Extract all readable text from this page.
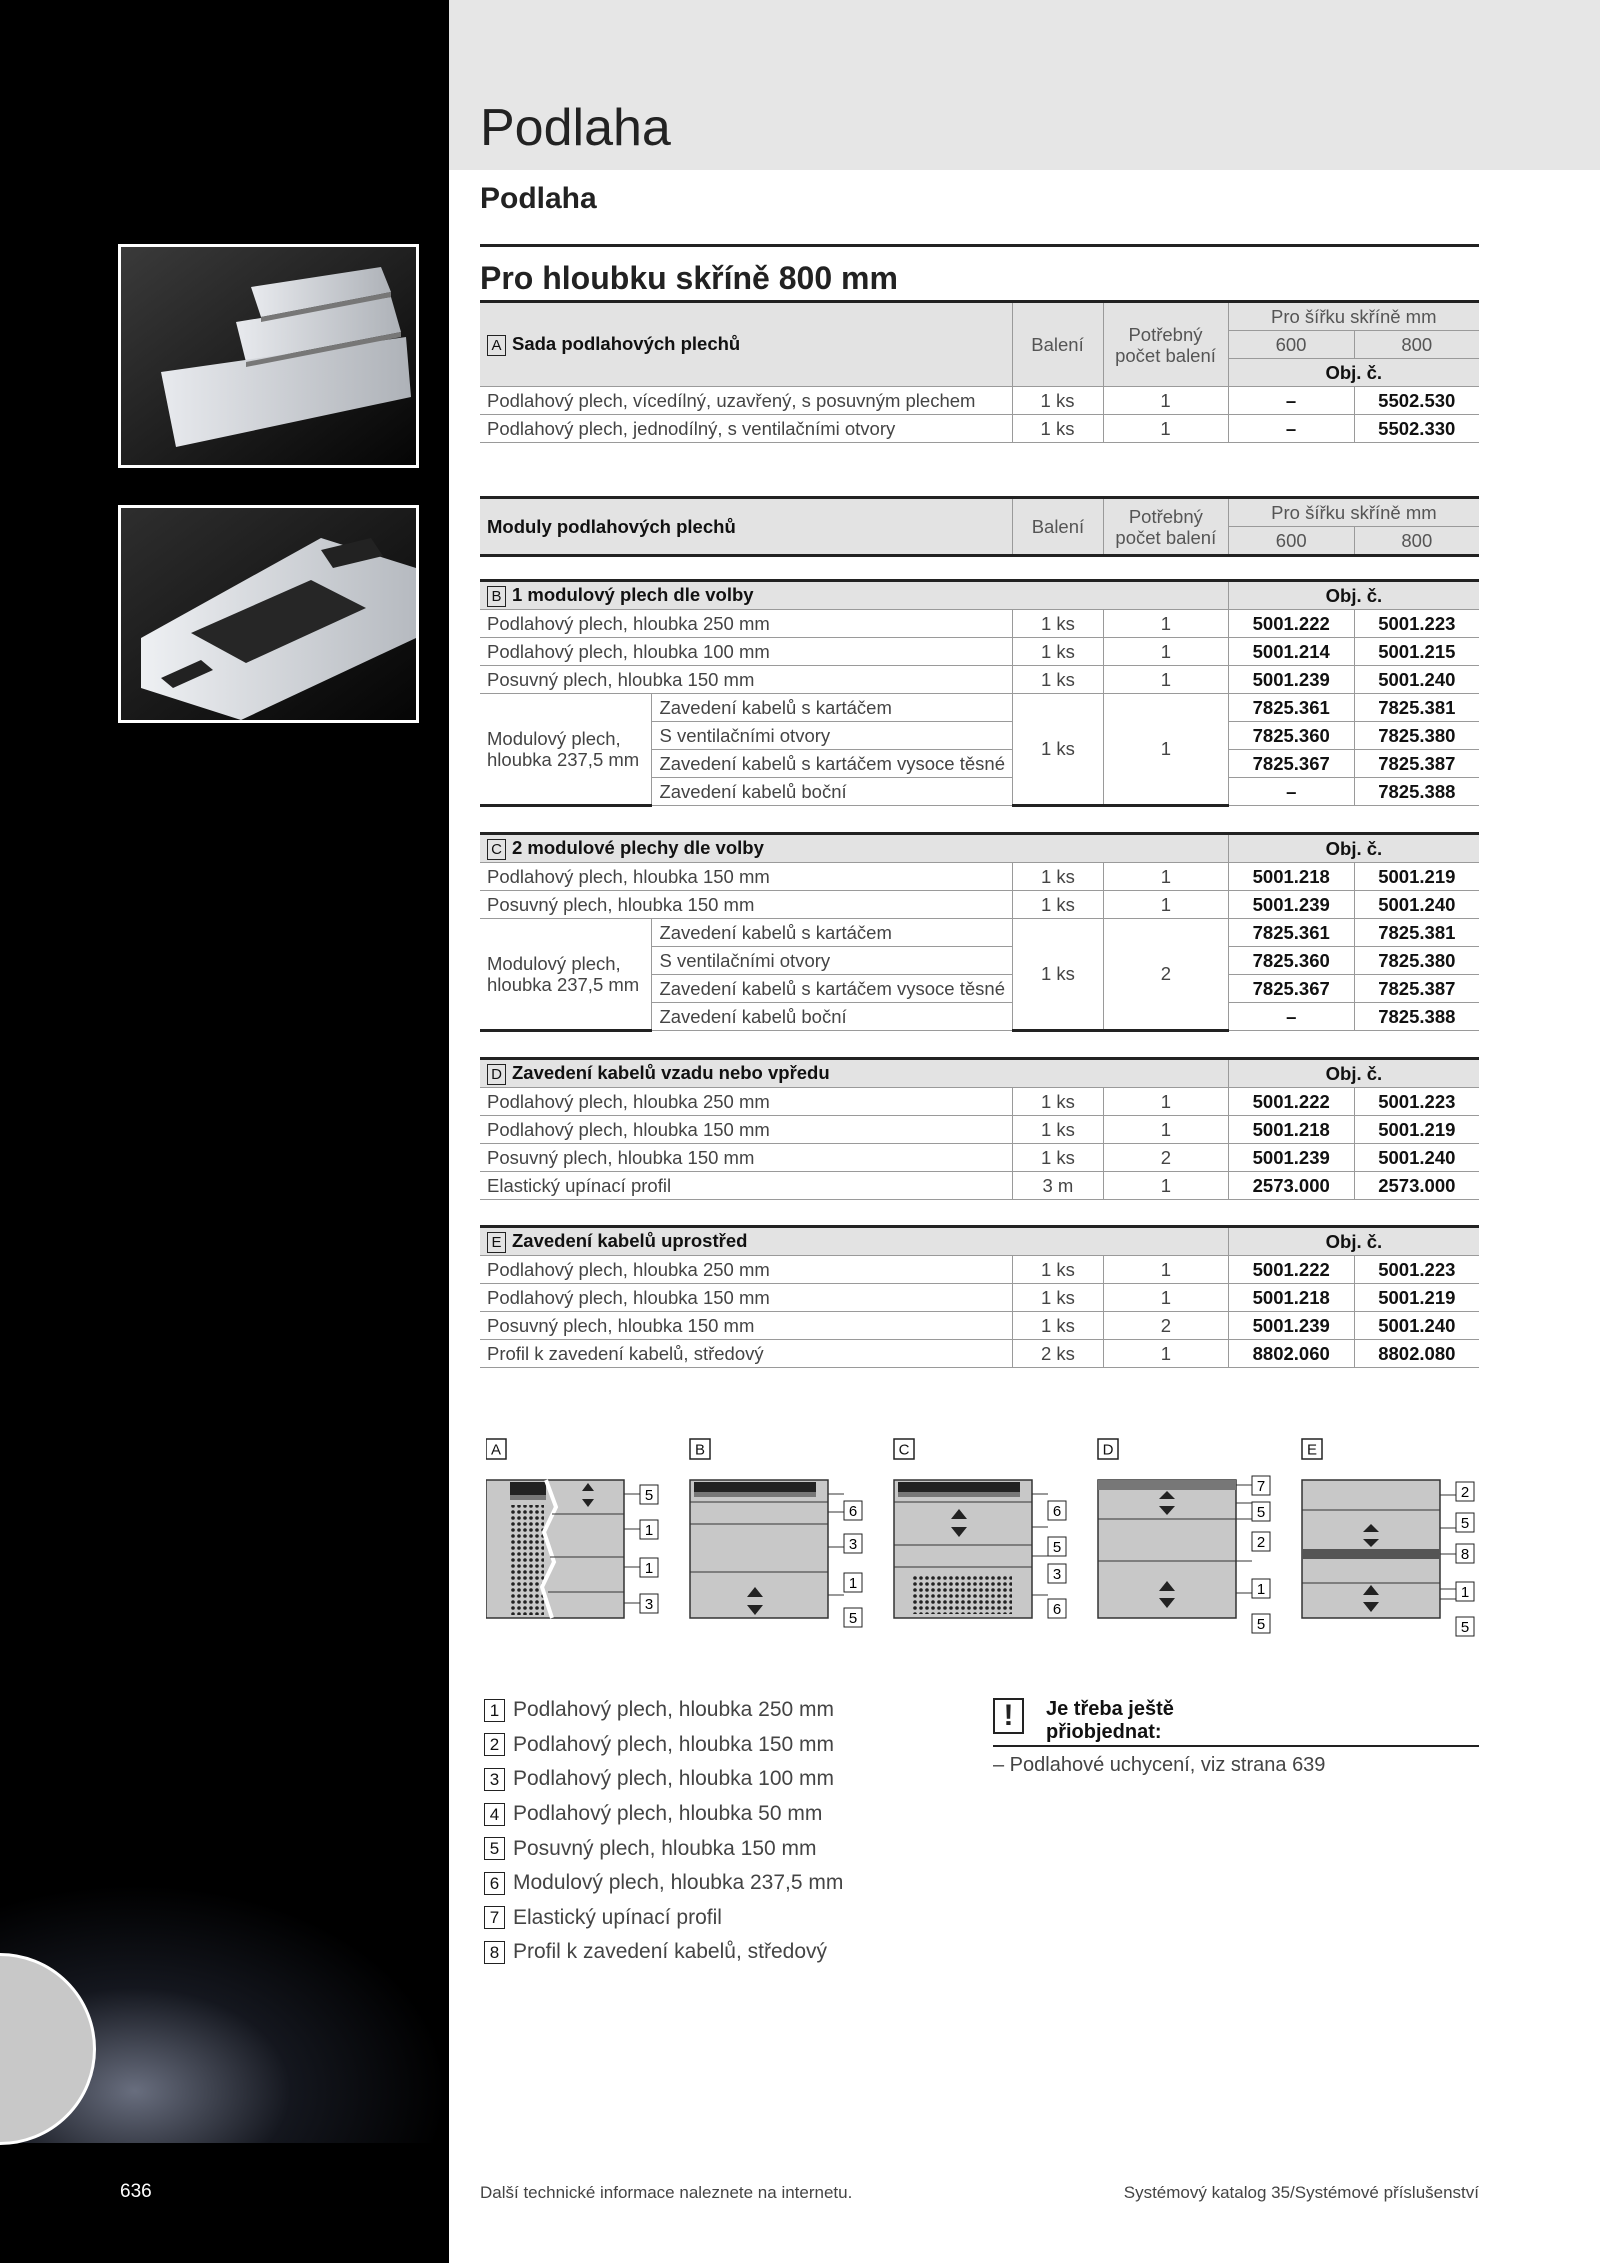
636
Podlaha
Podlaha
Pro hloubku skříně 800 mm
A Sada podlahových plechů	Balení	Potřebný
počet balení	Pro šířku skříně mm	
			600	800
			Obj. č.	
Podlahový plech, vícedílný, uzavřený, s posuvným plechem	1 ks	1	–	5502.530
Podlahový plech, jednodílný, s ventilačními otvory	1 ks	1	–	5502.330
Moduly podlahových plechů		Balení	Potřebný
počet balení	Pro šířku skříně mm	
				600	800

B 1 modulový plech dle volby				Obj. č.	
Podlahový plech, hloubka 250 mm		1 ks	1	5001.222	5001.223
Podlahový plech, hloubka 100 mm		1 ks	1	5001.214	5001.215
Posuvný plech, hloubka 150 mm		1 ks	1	5001.239	5001.240
Modulový plech,
hloubka 237,5 mm	Zavedení kabelů s kartáčem	1 ks	1	7825.361	7825.381
	S ventilačními otvory			7825.360	7825.380
	Zavedení kabelů s kartáčem vysoce těsné			7825.367	7825.387
	Zavedení kabelů boční			–	7825.388

C 2 modulové plechy dle volby				Obj. č.	
Podlahový plech, hloubka 150 mm		1 ks	1	5001.218	5001.219
Posuvný plech, hloubka 150 mm		1 ks	1	5001.239	5001.240
Modulový plech,
hloubka 237,5 mm	Zavedení kabelů s kartáčem	1 ks	2	7825.361	7825.381
	S ventilačními otvory			7825.360	7825.380
	Zavedení kabelů s kartáčem vysoce těsné			7825.367	7825.387
	Zavedení kabelů boční			–	7825.388

D Zavedení kabelů vzadu nebo vpředu				Obj. č.	
Podlahový plech, hloubka 250 mm		1 ks	1	5001.222	5001.223
Podlahový plech, hloubka 150 mm		1 ks	1	5001.218	5001.219
Posuvný plech, hloubka 150 mm		1 ks	2	5001.239	5001.240
Elastický upínací profil		3 m	1	2573.000	2573.000

E Zavedení kabelů uprostřed				Obj. č.	
Podlahový plech, hloubka 250 mm		1 ks	1	5001.222	5001.223
Podlahový plech, hloubka 150 mm		1 ks	1	5001.218	5001.219
Posuvný plech, hloubka 150 mm		1 ks	2	5001.239	5001.240
Profil k zavedení kabelů, středový		2 ks	1	8802.060	8802.080
A
5
1
1
3
B
6
3
1
5
C
6
5
3
6
D
7
5
2
1
5
E
2
5
8
1
5
1 Podlahový plech, hloubka 250 mm
2 Podlahový plech, hloubka 150 mm
3 Podlahový plech, hloubka 100 mm
4 Podlahový plech, hloubka 50 mm
5 Posuvný plech, hloubka 150 mm
6 Modulový plech, hloubka 237,5 mm
7 Elastický upínací profil
8 Profil k zavedení kabelů, středový
!	Je třeba ještě
přiobjednat:
– Podlahové uchycení, viz strana 639
Další technické informace naleznete na internetu.	Systémový katalog 35/Systémové příslušenství
